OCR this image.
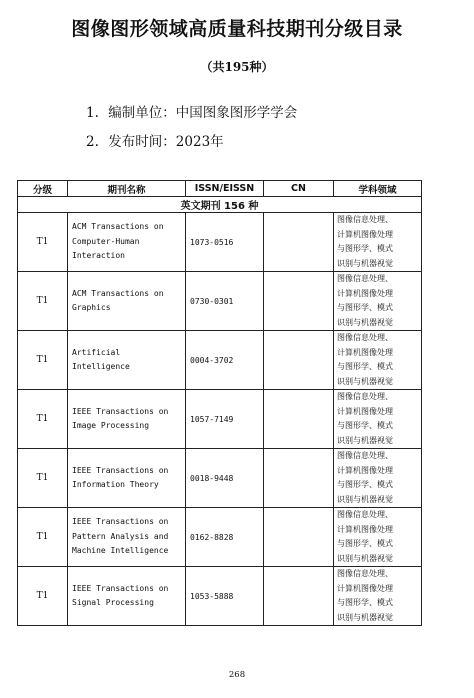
图像图形领域高质量科技期刊分级目录
（共195种）
1. 编制单位：中国图象图形学学会
2. 发布时间：2023年
分级	期刊名称	ISSN/EISSN	CN	学科领域
英文期刊 156 种				
T1	ACM Transactions on
Computer-Human
Interaction	1073-0516		图像信息处理、
计算机图像处理
与图形学、模式
识别与机器视觉
T1	ACM Transactions on
Graphics	0730-0301		图像信息处理、
计算机图像处理
与图形学、模式
识别与机器视觉
T1	Artificial
Intelligence	0004-3702		图像信息处理、
计算机图像处理
与图形学、模式
识别与机器视觉
T1	IEEE Transactions on
Image Processing	1057-7149		图像信息处理、
计算机图像处理
与图形学、模式
识别与机器视觉
T1	IEEE Transactions on
Information Theory	0018-9448		图像信息处理、
计算机图像处理
与图形学、模式
识别与机器视觉
T1	IEEE Transactions on
Pattern Analysis and
Machine Intelligence	0162-8828		图像信息处理、
计算机图像处理
与图形学、模式
识别与机器视觉
T1	IEEE Transactions on
Signal Processing	1053-5888		图像信息处理、
计算机图像处理
与图形学、模式
识别与机器视觉
268
